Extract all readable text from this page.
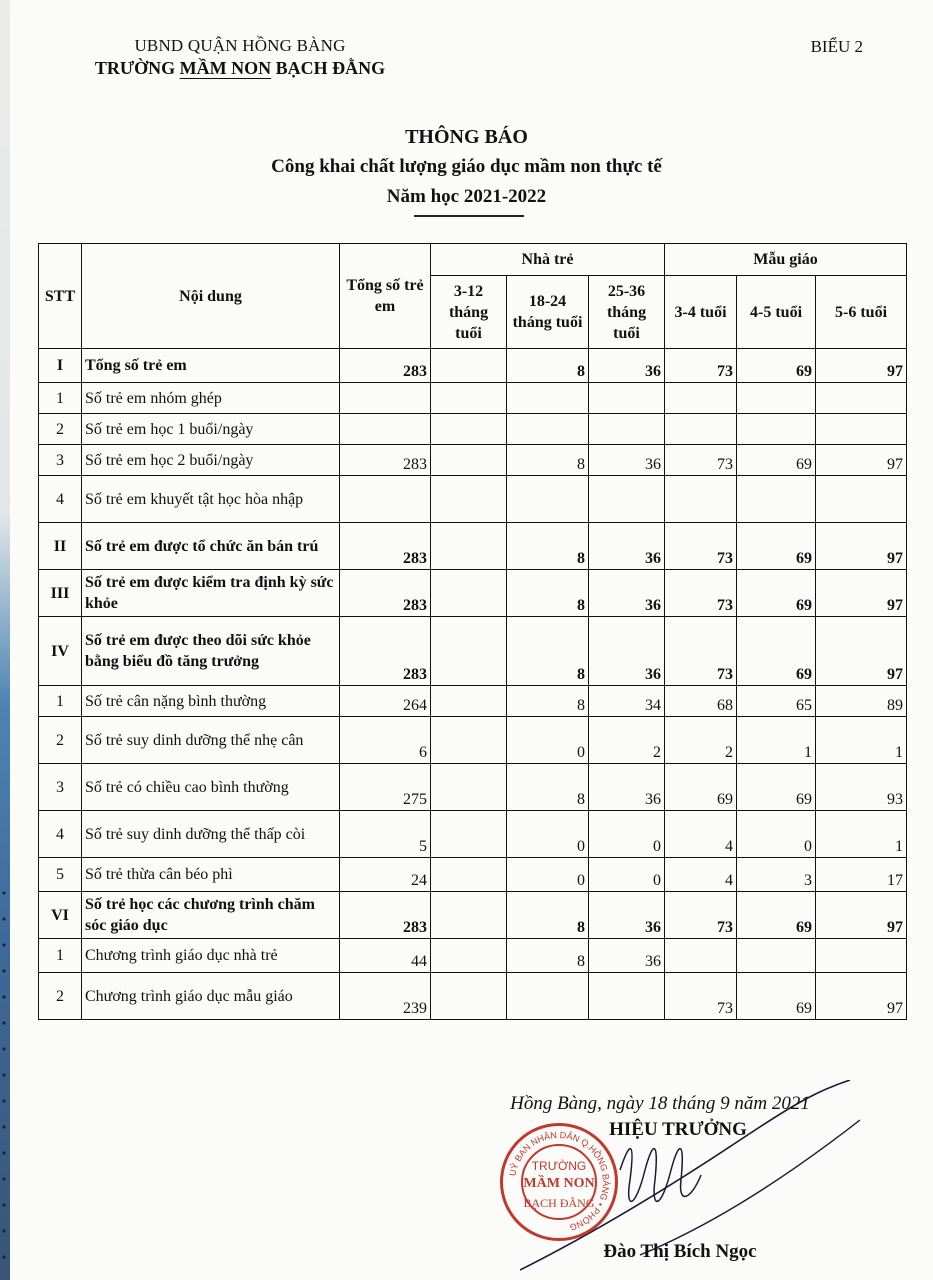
UBND QUẬN HỒNG BÀNG
TRƯỜNG MẦM NON BẠCH ĐẰNG
BIỂU 2
THÔNG BÁO
Công khai chất lượng giáo dục mầm non thực tế
Năm học 2021-2022
STT	Nội dung	Tổng số trẻ em	Nhà trẻ			Mẫu giáo		
			3-12 tháng tuổi	18-24 tháng tuổi	25-36 tháng tuổi	3-4 tuổi	4-5 tuổi	5-6 tuổi
I	Tổng số trẻ em	283		8	36	73	69	97
1	Số trẻ em nhóm ghép							
2	Số trẻ em học 1 buổi/ngày							
3	Số trẻ em học 2 buổi/ngày	283		8	36	73	69	97
4	Số trẻ em khuyết tật học hòa nhập							
II	Số trẻ em được tổ chức ăn bán trú	283		8	36	73	69	97
III	Số trẻ em được kiểm tra định kỳ sức khỏe	283		8	36	73	69	97
IV	Số trẻ em được theo dõi sức khỏe bằng biểu đồ tăng trưởng	283		8	36	73	69	97
1	Số trẻ cân nặng bình thường	264		8	34	68	65	89
2	Số trẻ suy dinh dưỡng thể nhẹ cân	6		0	2	2	1	1
3	Số trẻ có chiều cao bình thường	275		8	36	69	69	93
4	Số trẻ suy dinh dưỡng thể thấp còi	5		0	0	4	0	1
5	Số trẻ thừa cân béo phì	24		0	0	4	3	17
VI	Số trẻ học các chương trình chăm sóc giáo dục	283		8	36	73	69	97
1	Chương trình giáo dục nhà trẻ	44		8	36			
2	Chương trình giáo dục mẫu giáo	239				73	69	97
UỶ BAN NHÂN DÂN Q.HỒNG BÀNG • PHÒNG
TRƯỜNG
MẦM NON
BẠCH ĐẰNG
Hồng Bàng, ngày 18 tháng 9 năm 2021
HIỆU TRƯỞNG
Đào Thị Bích Ngọc
